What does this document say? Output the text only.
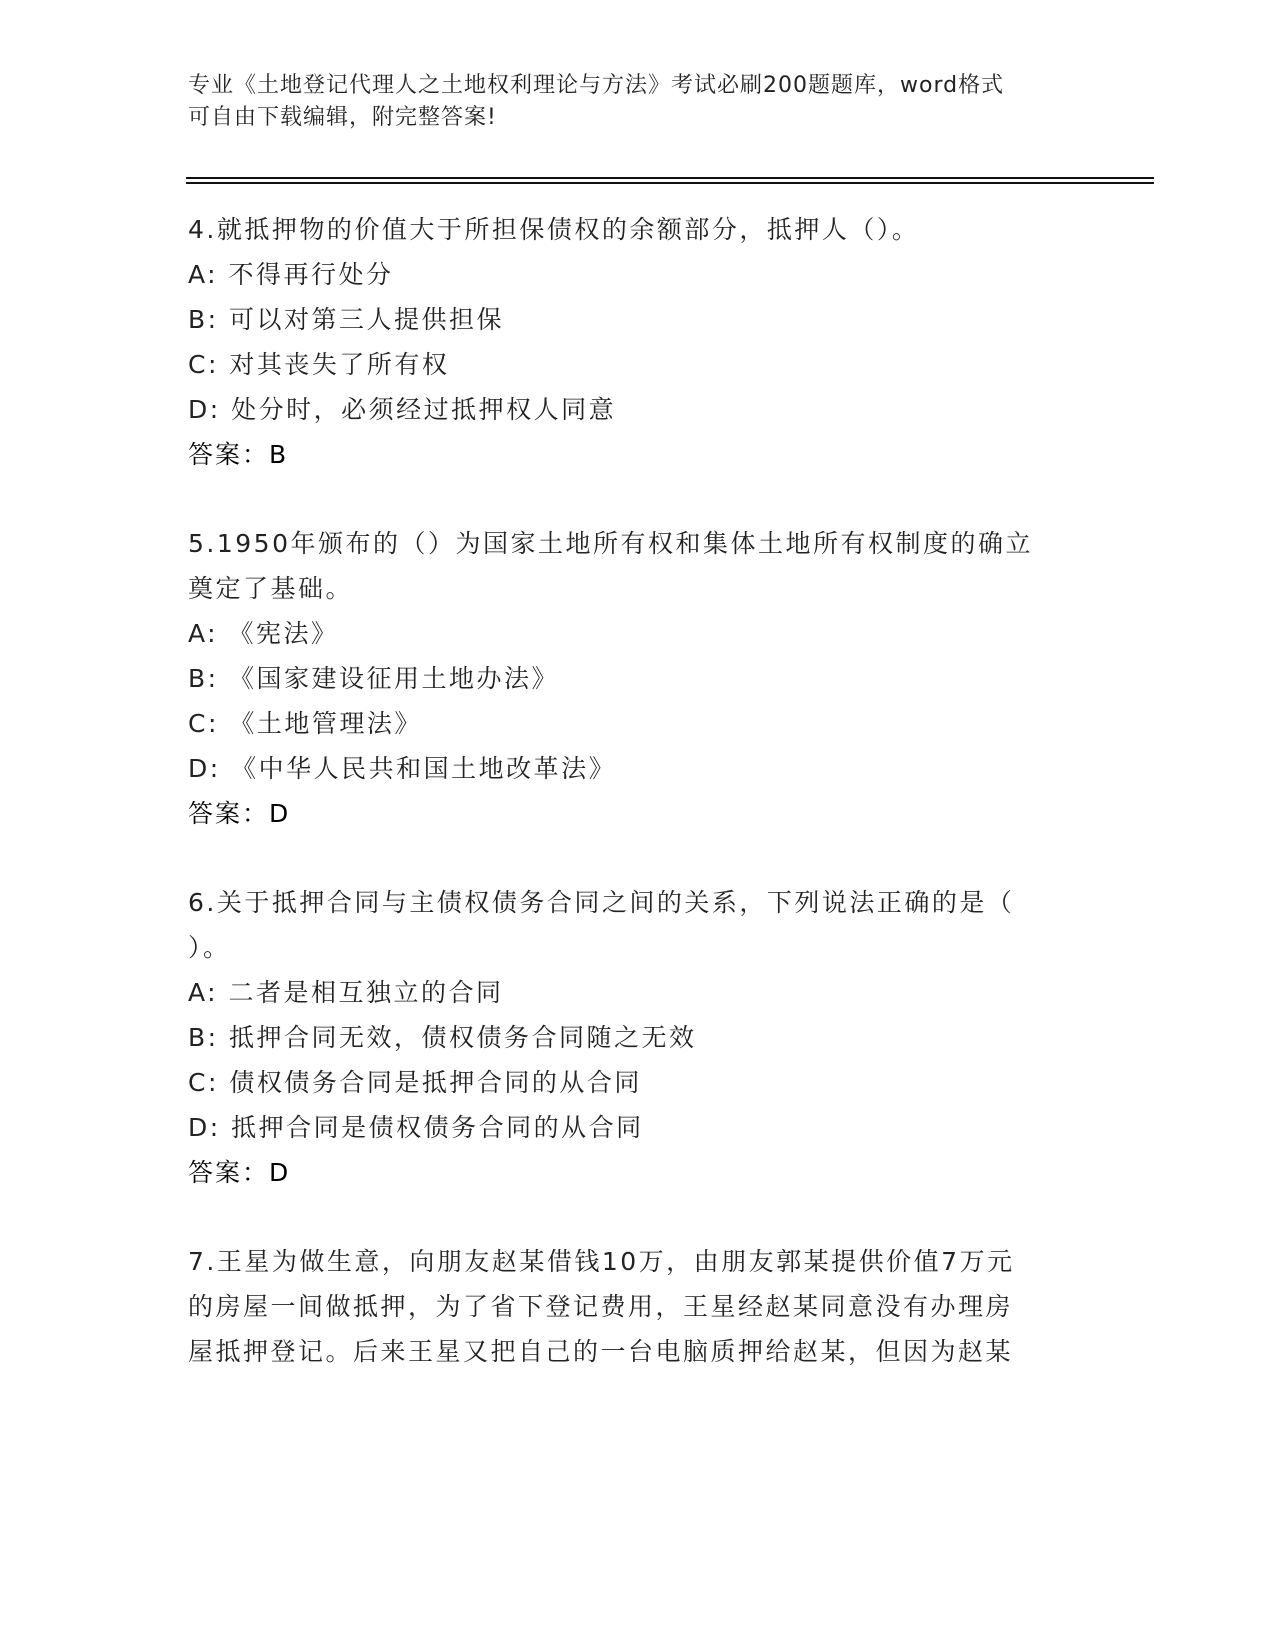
专业《土地登记代理人之土地权利理论与方法》考试必刷200题题库，word格式
可自由下载编辑，附完整答案!
4.就抵押物的价值大于所担保债权的余额部分，抵押人（）。
A: 不得再行处分
B: 可以对第三人提供担保
C: 对其丧失了所有权
D: 处分时，必须经过抵押权人同意
答案：B
5.1950年颁布的（）为国家土地所有权和集体土地所有权制度的确立
奠定了基础。
A: 《宪法》
B: 《国家建设征用土地办法》
C: 《土地管理法》
D: 《中华人民共和国土地改革法》
答案：D
6.关于抵押合同与主债权债务合同之间的关系，下列说法正确的是（
）。
A: 二者是相互独立的合同
B: 抵押合同无效，债权债务合同随之无效
C: 债权债务合同是抵押合同的从合同
D: 抵押合同是债权债务合同的从合同
答案：D
7.王星为做生意，向朋友赵某借钱10万，由朋友郭某提供价值7万元
的房屋一间做抵押，为了省下登记费用，王星经赵某同意没有办理房
屋抵押登记。后来王星又把自己的一台电脑质押给赵某，但因为赵某
